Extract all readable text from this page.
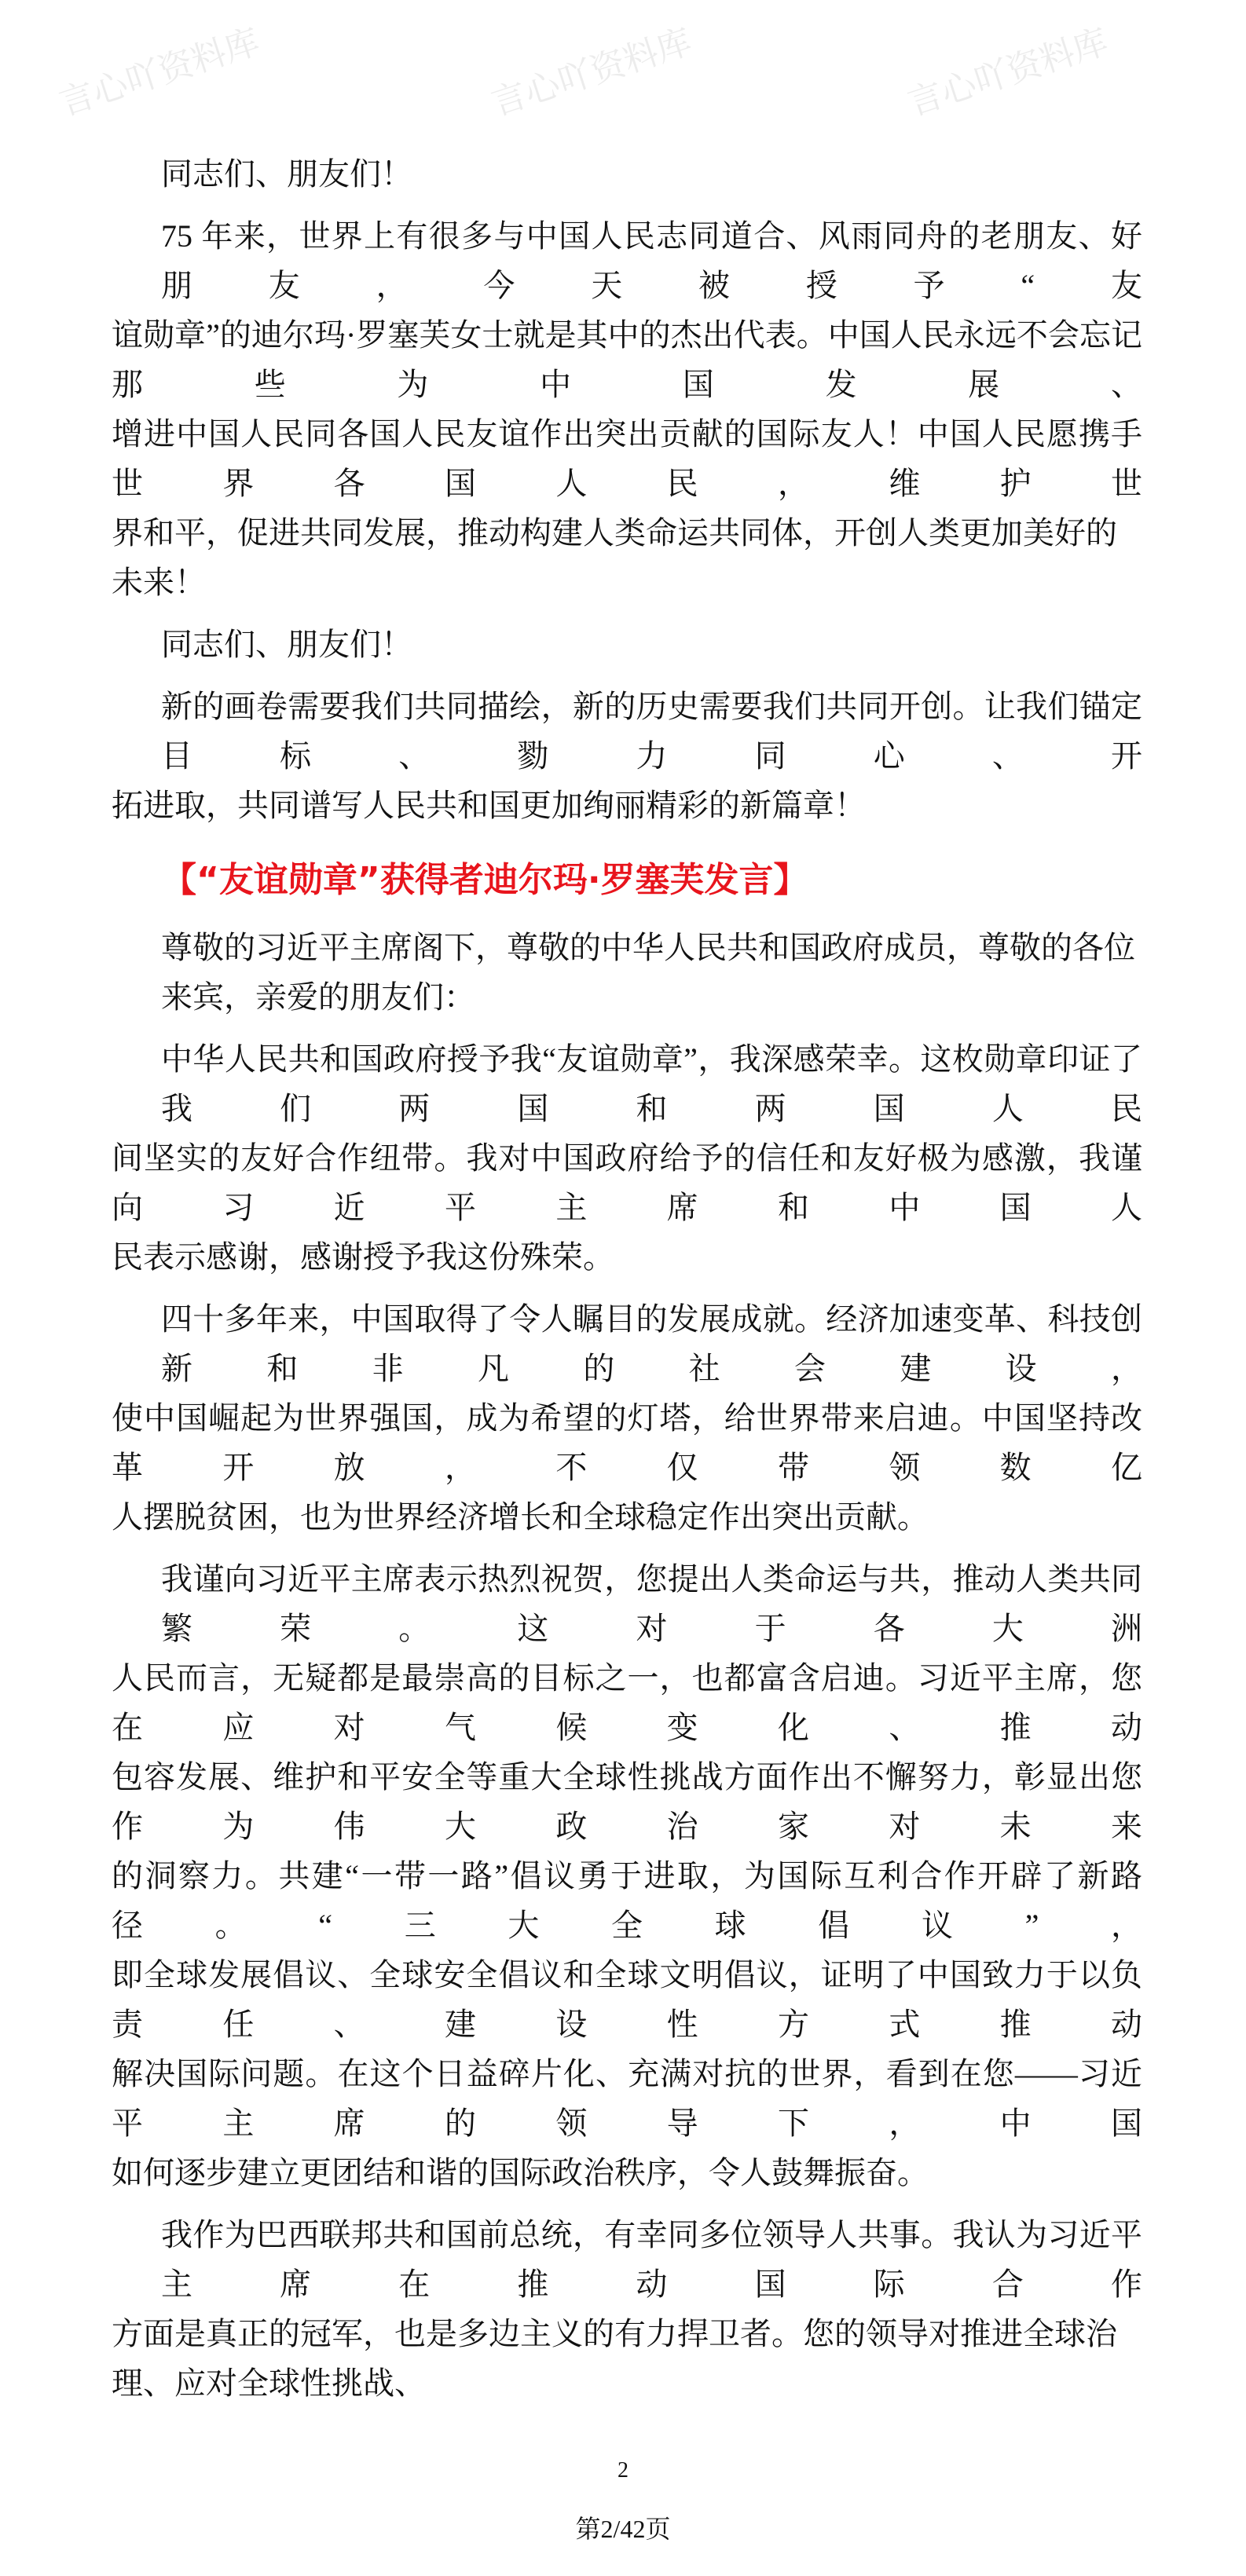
言心吖资料库	言心吖资料库	言心吖资料库
同志们、朋友们！
75 年来，世界上有很多与中国人民志同道合、风雨同舟的老朋友、好朋友，今天被授予“友
谊勋章”的迪尔玛·罗塞芙女士就是其中的杰出代表。中国人民永远不会忘记那些为中国发展、
增进中国人民同各国人民友谊作出突出贡献的国际友人！中国人民愿携手世界各国人民，维护世
界和平，促进共同发展，推动构建人类命运共同体，开创人类更加美好的未来！
同志们、朋友们！
新的画卷需要我们共同描绘，新的历史需要我们共同开创。让我们锚定目标、勠力同心、开
拓进取，共同谱写人民共和国更加绚丽精彩的新篇章！
【“友谊勋章”获得者迪尔玛·罗塞芙发言】
尊敬的习近平主席阁下，尊敬的中华人民共和国政府成员，尊敬的各位来宾，亲爱的朋友们：
中华人民共和国政府授予我“友谊勋章”，我深感荣幸。这枚勋章印证了我们两国和两国人民
间坚实的友好合作纽带。我对中国政府给予的信任和友好极为感激，我谨向习近平主席和中国人
民表示感谢，感谢授予我这份殊荣。
四十多年来，中国取得了令人瞩目的发展成就。经济加速变革、科技创新和非凡的社会建设，
使中国崛起为世界强国，成为希望的灯塔，给世界带来启迪。中国坚持改革开放，不仅带领数亿
人摆脱贫困，也为世界经济增长和全球稳定作出突出贡献。
我谨向习近平主席表示热烈祝贺，您提出人类命运与共，推动人类共同繁荣。这对于各大洲
人民而言，无疑都是最崇高的目标之一，也都富含启迪。习近平主席，您在应对气候变化、推动
包容发展、维护和平安全等重大全球性挑战方面作出不懈努力，彰显出您作为伟大政治家对未来
的洞察力。共建“一带一路”倡议勇于进取，为国际互利合作开辟了新路径。“三大全球倡议”，
即全球发展倡议、全球安全倡议和全球文明倡议，证明了中国致力于以负责任、建设性方式推动
解决国际问题。在这个日益碎片化、充满对抗的世界，看到在您——习近平主席的领导下，中国
如何逐步建立更团结和谐的国际政治秩序，令人鼓舞振奋。
我作为巴西联邦共和国前总统，有幸同多位领导人共事。我认为习近平主席在推动国际合作
方面是真正的冠军，也是多边主义的有力捍卫者。您的领导对推进全球治理、应对全球性挑战、
2
第2/42页
